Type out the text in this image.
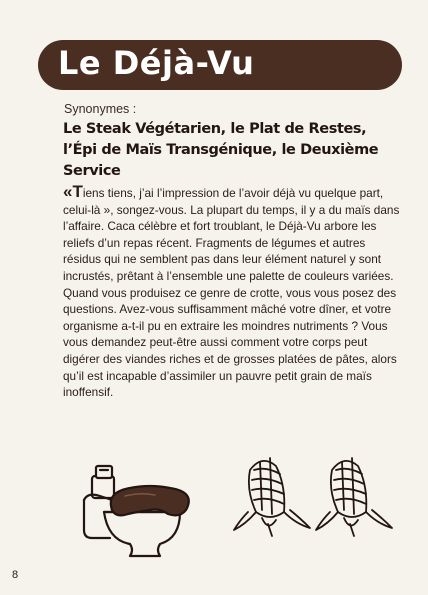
Le Déjà-Vu
Synonymes :
Le Steak Végétarien, le Plat de Restes,
l’Épi de Maïs Transgénique, le Deuxième Service
«Tiens tiens, j’ai l’impression de l’avoir déjà vu quelque part, celui-là », songez-vous. La plupart du temps, il y a du maïs dans l’affaire. Caca célèbre et fort troublant, le Déjà-Vu arbore les reliefs d’un repas récent. Fragments de légumes et autres résidus qui ne semblent pas dans leur élément naturel y sont incrustés, prêtant à l’ensemble une palette de couleurs variées. Quand vous produisez ce genre de crotte, vous vous posez des questions. Avez-vous suffisamment mâché votre dîner, et votre organisme a-t-il pu en extraire les moindres nutriments ? Vous vous demandez peut-être aussi comment votre corps peut digérer des viandes riches et de grosses platées de pâtes, alors qu’il est incapable d’assimiler un pauvre petit grain de maïs inoffensif.
8
